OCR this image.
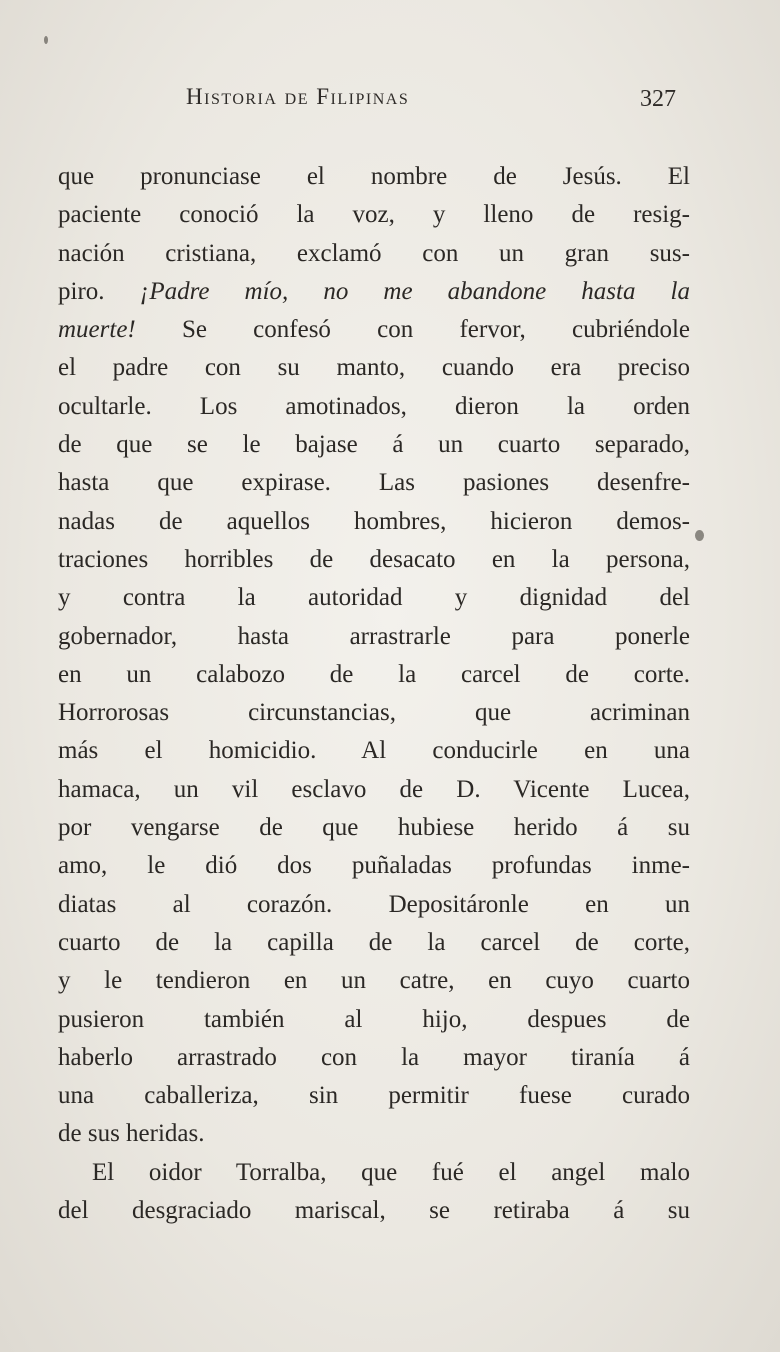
Historia de Filipinas	327
que pronunciase el nombre de Jesús. El
paciente conoció la voz, y lleno de resig-
nación cristiana, exclamó con un gran sus-
piro. ¡Padre mío, no me abandone hasta la
muerte! Se confesó con fervor, cubriéndole
el padre con su manto, cuando era preciso
ocultarle. Los amotinados, dieron la orden
de que se le bajase á un cuarto separado,
hasta que expirase. Las pasiones desenfre-
nadas de aquellos hombres, hicieron demos-
traciones horribles de desacato en la persona,
y contra la autoridad y dignidad del
gobernador, hasta arrastrarle para ponerle
en un calabozo de la carcel de corte.
Horrorosas circunstancias, que acriminan
más el homicidio. Al conducirle en una
hamaca, un vil esclavo de D. Vicente Lucea,
por vengarse de que hubiese herido á su
amo, le dió dos puñaladas profundas inme-
diatas al corazón. Depositáronle en un
cuarto de la capilla de la carcel de corte,
y le tendieron en un catre, en cuyo cuarto
pusieron también al hijo, despues de
haberlo arrastrado con la mayor tiranía á
una caballeriza, sin permitir fuese curado
de sus heridas.
El oidor Torralba, que fué el angel malo
del desgraciado mariscal, se retiraba á su
